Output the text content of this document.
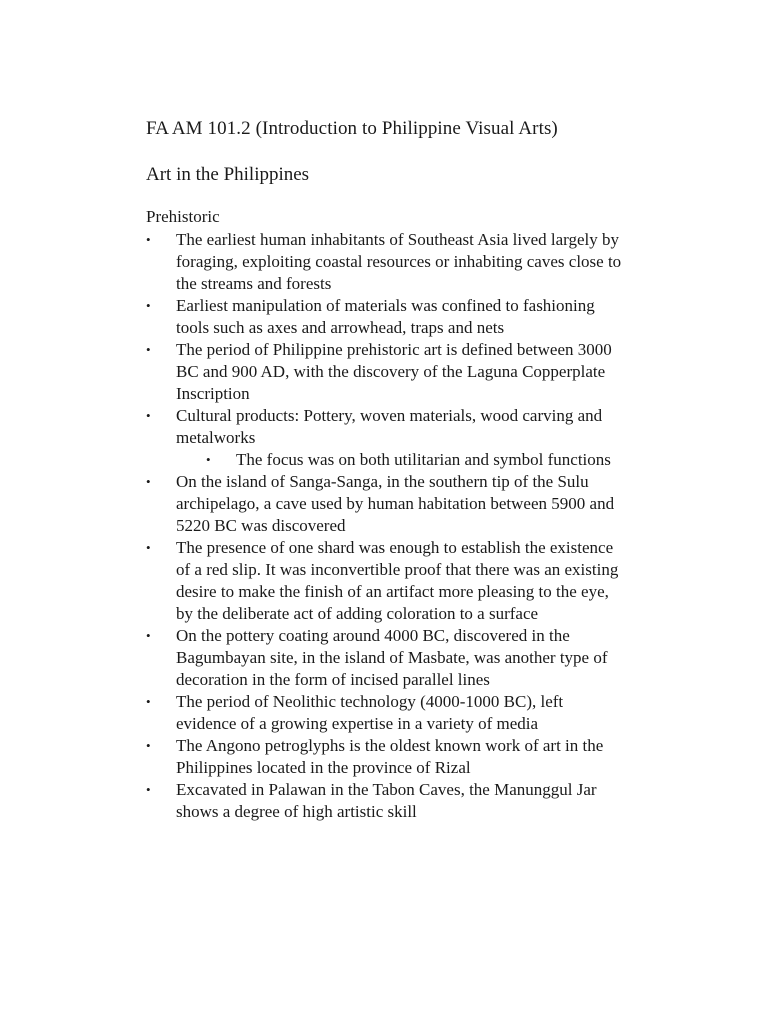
FA AM 101.2 (Introduction to Philippine Visual Arts)
Art in the Philippines
Prehistoric
•	The earliest human inhabitants of Southeast Asia lived largely by foraging, exploiting coastal resources or inhabiting caves close to the streams and forests
•	Earliest manipulation of materials was confined to fashioning tools such as axes and arrowhead, traps and nets
•	The period of Philippine prehistoric art is defined between 3000 BC and 900 AD, with the discovery of the Laguna Copperplate Inscription
•	Cultural products: Pottery, woven materials, wood carving and metalworks
• The focus was on both utilitarian and symbol functions
•	On the island of Sanga-Sanga, in the southern tip of the Sulu archipelago, a cave used by human habitation between 5900 and 5220 BC was discovered
•	The presence of one shard was enough to establish the existence of a red slip. It was inconvertible proof that there was an existing desire to make the finish of an artifact more pleasing to the eye, by the deliberate act of adding coloration to a surface
•	On the pottery coating around 4000 BC, discovered in the Bagumbayan site, in the island of Masbate, was another type of decoration in the form of incised parallel lines
•	The period of Neolithic technology (4000-1000 BC), left evidence of a growing expertise in a variety of media
•	The Angono petroglyphs is the oldest known work of art in the Philippines located in the province of Rizal
•	Excavated in Palawan in the Tabon Caves, the Manunggul Jar shows a degree of high artistic skill
